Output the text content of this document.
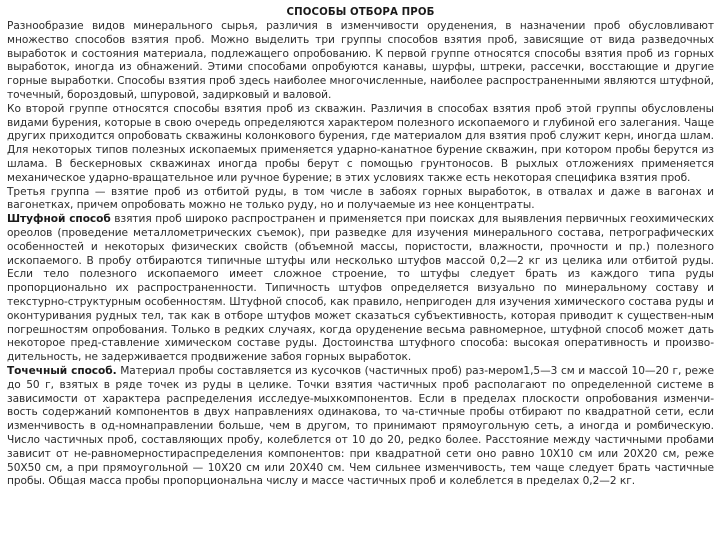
СПОСОБЫ ОТБОРА ПРОБ

Разнообразие видов минерального сырья, различия в изменчивости оруденения, в назначении проб обусловливают множество способов взятия проб. Можно выделить три группы способов взятия проб, зависящие от вида разведочных выработок и состояния материала, подлежащего опробованию. К первой группе относятся способы взятия проб из горных выработок, иногда из обнажений. Этими способами опробуются канавы, шурфы, штреки, рассечки, восстающие и другие горные выработки. Способы взятия проб здесь наиболее многочисленные, наиболее распространенными являются штуфной, точечный, бороздовый, шпуровой, задирковый и валовой.

Ко второй группе относятся способы взятия проб из скважин. Различия в способах взятия проб этой группы обусловлены видами бурения, которые в свою очередь определяются характером полезного ископаемого и глубиной его залегания. Чаще других приходится опробовать скважины колонкового бурения, где материалом для взятия проб служит керн, иногда шлам. Для некоторых типов полезных ископаемых применяется ударно-канатное бурение скважин, при котором пробы берутся из шлама. В бескерновых скважинах иногда пробы берут с помощью грунтоносов. В рыхлых отложениях применяется механическое ударно-вращательное или ручное бурение; в этих условиях также есть некоторая специфика взятия проб.

Третья группа — взятие проб из отбитой руды, в том числе в забоях горных выработок, в отвалах и даже в вагонах и вагонетках, причем опробовать можно не только руду, но и получаемые из нее концентраты.

Штуфной способ взятия проб широко распространен и применяется при поисках для выявления первичных геохимических ореолов (проведение металлометрических съемок), при разведке для изучения минерального состава, петрографических особенностей и некоторых физических свойств (объемной массы, пористости, влажности, прочности и пр.) полезного ископаемого. В пробу отбираются типичные штуфы или несколько штуфов массой 0,2—2 кг из целика или отбитой руды. Если тело полезного ископаемого имеет сложное строение, то штуфы следует брать из каждого типа руды пропорционально их распространенности. Типичность штуфов определяется визуально по минеральному составу и текстурно-структурным особенностям. Штуфной способ, как правило, непригоден для изучения химического состава руды и оконтуривания рудных тел, так как в отборе штуфов может сказаться субъективность, которая приводит к существен-ным погрешностям опробования. Только в редких случаях, когда оруденение весьма равномерное, штуфной способ может дать некоторое пред-ставление химическом составе руды. Достоинства штуфного способа: высокая оперативность и произво-дительность, не задерживается продвижение забоя горных выработок.

Точечный способ. Материал пробы составляется из кусочков (частичных проб) раз-мером1,5—3 см и массой 10—20 г, реже до 50 г, взятых в ряде точек из руды в целике. Точки взятия частичных проб располагают по определенной системе в зависимости от характера распределения исследуе-мыхкомпонентов. Если в пределах плоскости опробования изменчи-вость содержаний компонентов в двух направлениях одинакова, то ча-стичные пробы отбирают по квадратной сети, если изменчивость в од-номнаправлении больше, чем в другом, то принимают прямоугольную сеть, а иногда и ромбическую. Число частичных проб, составляющих пробу, колеблется от 10 до 20, редко более. Расстояние между частичными пробами зависит от не-равномерностираспределения компонентов: при квадратной сети оно равно 10Х10 см или 20Х20 см, реже 50Х50 см, а при прямоугольной — 10Х20 см или 20Х40 см. Чем сильнее изменчивость, тем чаще следует брать частичные пробы. Общая масса пробы пропорциональна числу и массе частичных проб и колеблется в пределах 0,2—2 кг.
